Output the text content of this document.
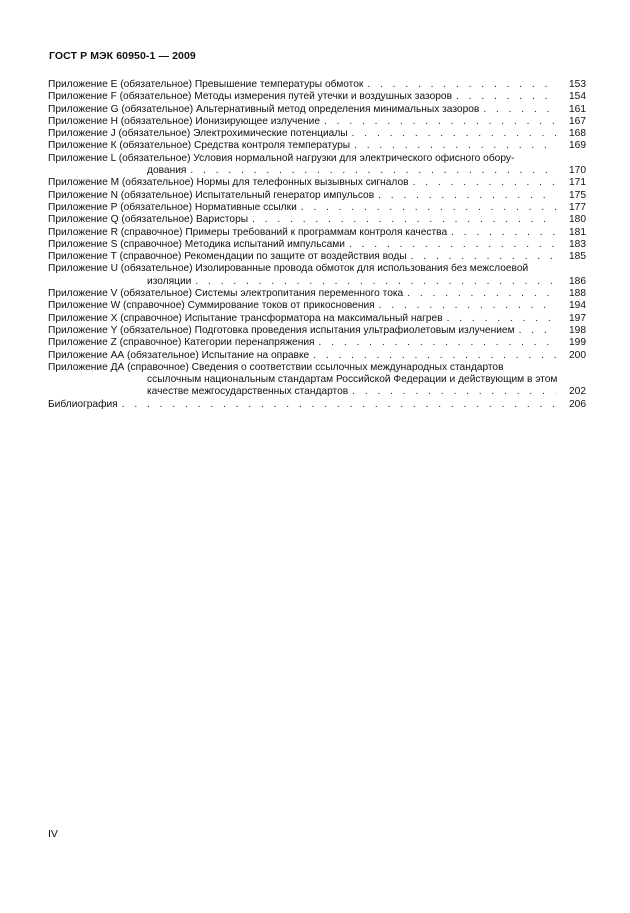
ГОСТ Р МЭК 60950-1 — 2009
Приложение Е (обязательное) Превышение температуры обмоток . . .	153
Приложение F (обязательное) Методы измерения путей утечки и воздушных зазоров . . .	154
Приложение G (обязательное) Альтернативный метод определения минимальных зазоров . . .	161
Приложение Н (обязательное) Ионизирующее излучение . . .	167
Приложение J (обязательное) Электрохимические потенциалы . . .	168
Приложение К (обязательное) Средства контроля температуры . . .	169
Приложение L (обязательное) Условия нормальной нагрузки для электрического офисного обору-
дования . . .	170
Приложение М (обязательное) Нормы для телефонных вызывных сигналов . . .	171
Приложение N (обязательное) Испытательный генератор импульсов . . .	175
Приложение Р (обязательное) Нормативные ссылки . . .	177
Приложение Q (обязательное) Варисторы . . .	180
Приложение R (справочное) Примеры требований к программам контроля качества . . .	181
Приложение S (справочное) Методика испытаний импульсами . . .	183
Приложение Т (справочное) Рекомендации по защите от воздействия воды . . .	185
Приложение U (обязательное) Изолированные провода обмоток для использования без межслоевой
изоляции . . .	186
Приложение V (обязательное) Системы электропитания переменного тока . . .	188
Приложение W (справочное) Суммирование токов от прикосновения . . .	194
Приложение Х (справочное) Испытание трансформатора на максимальный нагрев . . .	197
Приложение Y (обязательное) Подготовка проведения испытания ультрафиолетовым излучением . . .	198
Приложение Z (справочное) Категории перенапряжения . . .	199
Приложение АА (обязательное) Испытание на оправке . . .	200
Приложение ДА (справочное) Сведения о соответствии ссылочных международных стандартов
ссылочным национальным стандартам Российской Федерации и действующим в этом
качестве межгосударственных стандартов . . .	202
Библиография . . .	206
IV
